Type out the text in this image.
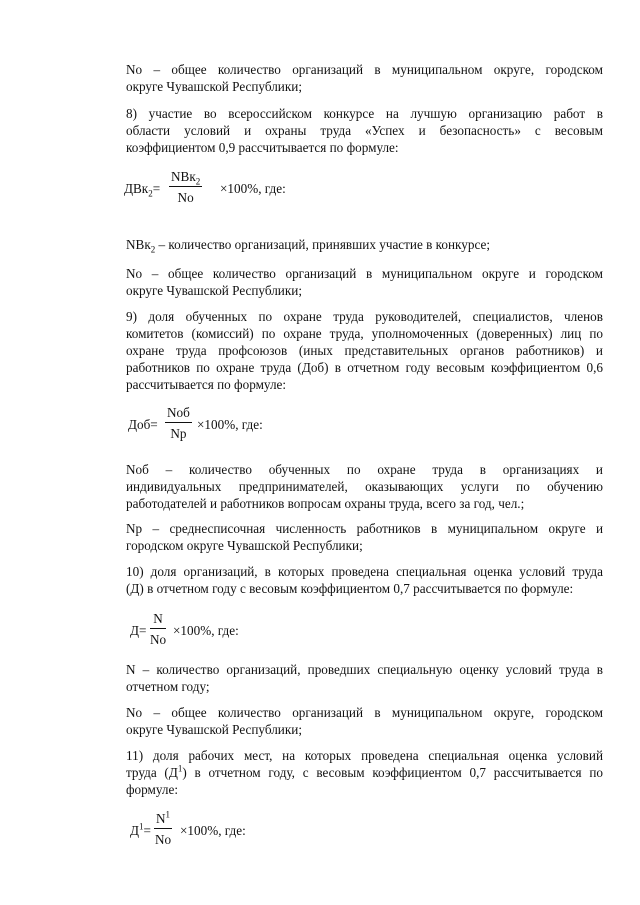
No – общее количество организаций в муниципальном округе, городском
округе Чувашской Республики;

8) участие во всероссийском конкурсе на лучшую организацию работ в
области условий и охраны труда «Успех и безопасность» с весовым
коэффициентом 0,9 рассчитывается по формуле:

ДВк$_2$=
NВк$_2$
No
×100%, где:

NВк$_2$ – количество организаций, принявших участие в конкурсе;

No – общее количество организаций в муниципальном округе и городском
округе Чувашской Республики;

9) доля обученных по охране труда руководителей, специалистов, членов
комитетов (комиссий) по охране труда, уполномоченных (доверенных) лиц по
охране труда профсоюзов (иных представительных органов работников) и
работников по охране труда (Доб) в отчетном году весовым коэффициентом 0,6
рассчитывается по формуле:

Доб=
Nоб
Np
×100%, где:

Nоб – количество обученных по охране труда в организациях и
индивидуальных предпринимателей, оказывающих услуги по обучению
работодателей и работников вопросам охраны труда, всего за год, чел.;

Np – среднесписочная численность работников в муниципальном округе и
городском округе Чувашской Республики;

10) доля организаций, в которых проведена специальная оценка условий труда
(Д) в отчетном году с весовым коэффициентом 0,7 рассчитывается по формуле:

$Д= \frac{N}{No} \times 100\%$, где:

N – количество организаций, проведших специальную оценку условий труда в
отчетном году;

No – общее количество организаций в муниципальном округе, городском
округе Чувашской Республики;

11) доля рабочих мест, на которых проведена специальная оценка условий
труда $(Д^1)$ в отчетном году, с весовым коэффициентом 0,7 рассчитывается по
формуле:

$Д^1= \frac{N^1}{No} \times 100\%$, где:
